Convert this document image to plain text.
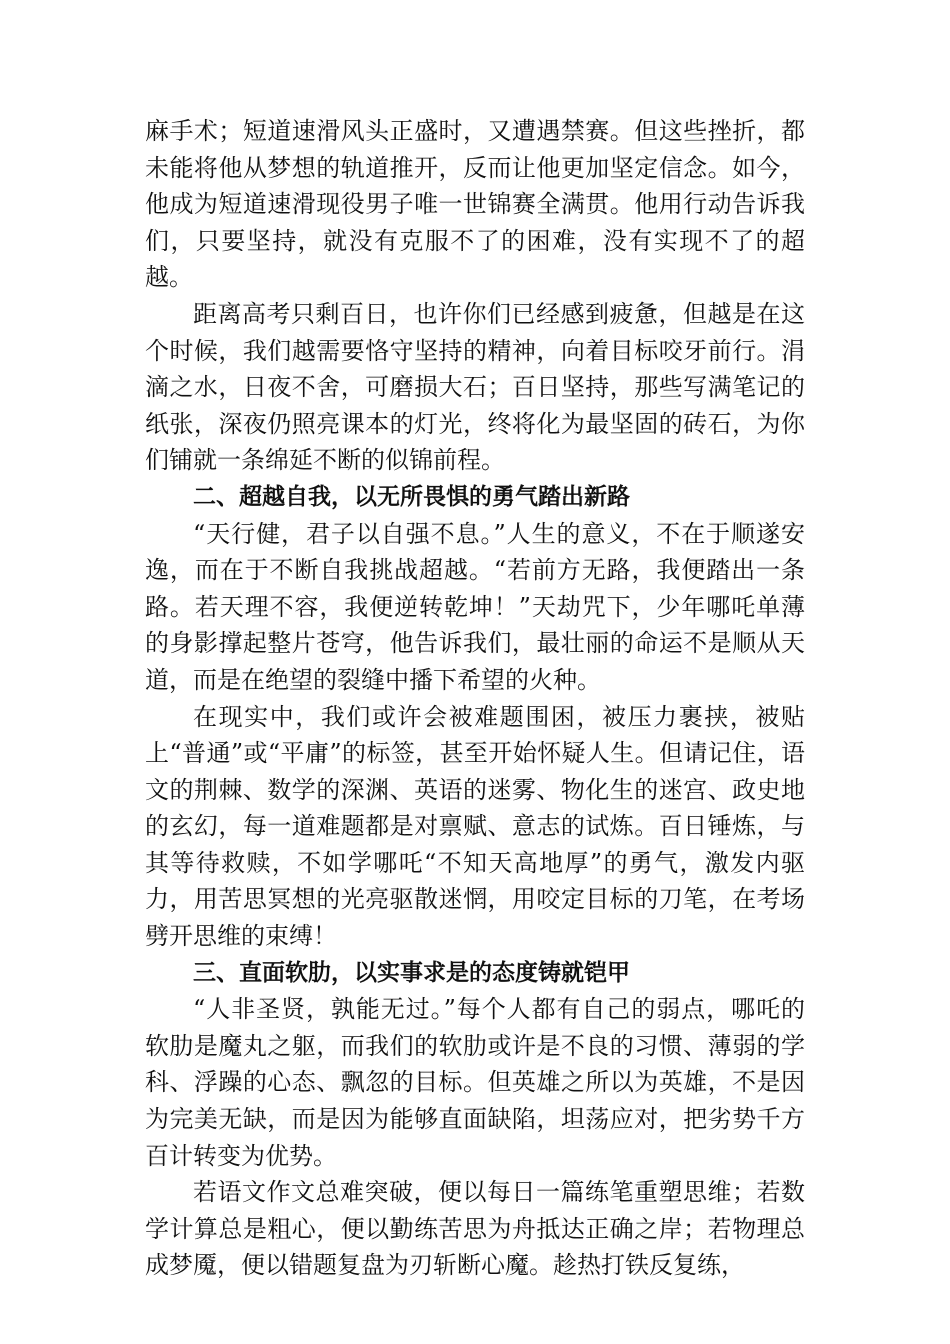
麻手术；短道速滑风头正盛时，又遭遇禁赛。但这些挫折，都未能将他从梦想的轨道推开，反而让他更加坚定信念。如今，他成为短道速滑现役男子唯一世锦赛全满贯。他用行动告诉我们，只要坚持，就没有克服不了的困难，没有实现不了的超越。

距离高考只剩百日，也许你们已经感到疲惫，但越是在这个时候，我们越需要恪守坚持的精神，向着目标咬牙前行。涓滴之水，日夜不舍，可磨损大石；百日坚持，那些写满笔记的纸张，深夜仍照亮课本的灯光，终将化为最坚固的砖石，为你们铺就一条绵延不断的似锦前程。

二、超越自我，以无所畏惧的勇气踏出新路

“天行健，君子以自强不息。”人生的意义，不在于顺遂安逸，而在于不断自我挑战超越。“若前方无路，我便踏出一条路。若天理不容，我便逆转乾坤！”天劫咒下，少年哪吒单薄的身影撑起整片苍穹，他告诉我们，最壮丽的命运不是顺从天道，而是在绝望的裂缝中播下希望的火种。

在现实中，我们或许会被难题围困，被压力裹挟，被贴上“普通”或“平庸”的标签，甚至开始怀疑人生。但请记住，语文的荆棘、数学的深渊、英语的迷雾、物化生的迷宫、政史地的玄幻，每一道难题都是对禀赋、意志的试炼。百日锤炼，与其等待救赎，不如学哪吒“不知天高地厚”的勇气，激发内驱力，用苦思冥想的光亮驱散迷惘，用咬定目标的刀笔，在考场劈开思维的束缚！

三、直面软肋，以实事求是的态度铸就铠甲

“人非圣贤，孰能无过。”每个人都有自己的弱点，哪吒的软肋是魔丸之躯，而我们的软肋或许是不良的习惯、薄弱的学科、浮躁的心态、飘忽的目标。但英雄之所以为英雄，不是因为完美无缺，而是因为能够直面缺陷，坦荡应对，把劣势千方百计转变为优势。

若语文作文总难突破，便以每日一篇练笔重塑思维；若数学计算总是粗心，便以勤练苦思为舟抵达正确之岸；若物理总成梦魇，便以错题复盘为刃斩断心魔。趁热打铁反复练，
